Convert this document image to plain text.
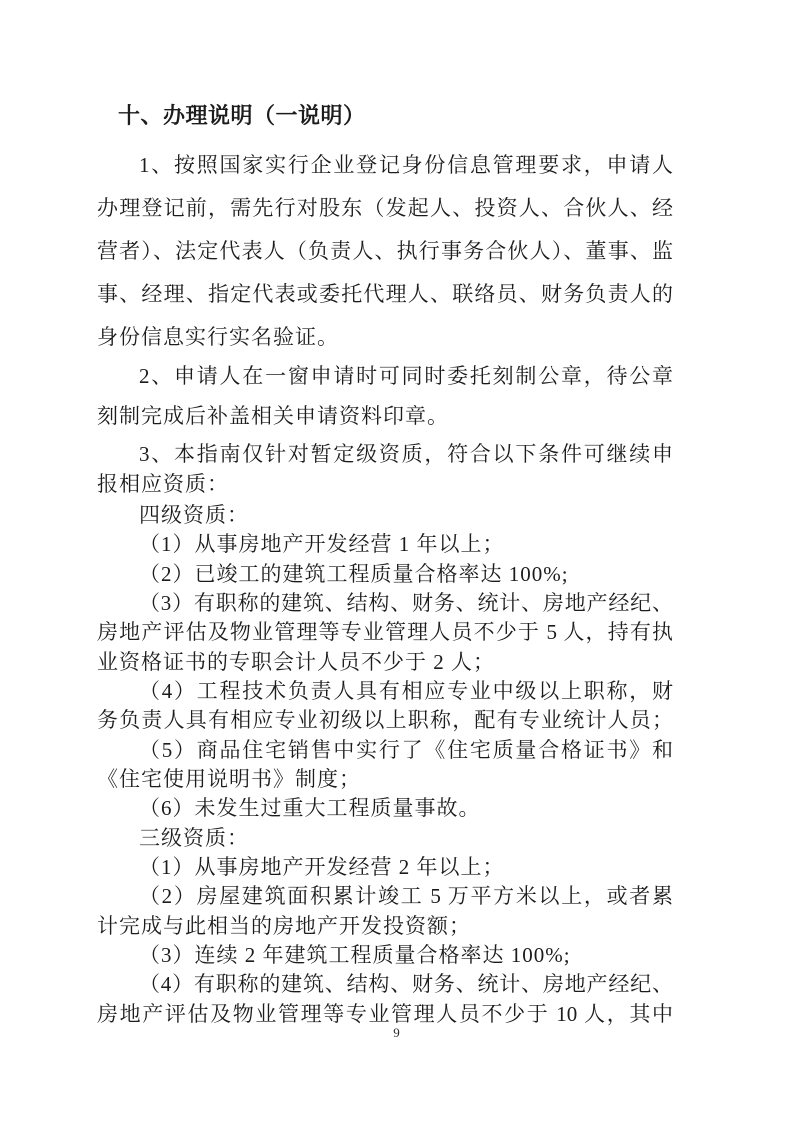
十、办理说明（一说明）
1、按照国家实行企业登记身份信息管理要求，申请人
办理登记前，需先行对股东（发起人、投资人、合伙人、经
营者）、法定代表人（负责人、执行事务合伙人）、董事、监
事、经理、指定代表或委托代理人、联络员、财务负责人的
身份信息实行实名验证。
2、申请人在一窗申请时可同时委托刻制公章，待公章
刻制完成后补盖相关申请资料印章。
3、本指南仅针对暂定级资质，符合以下条件可继续申
报相应资质：
四级资质：
（1）从事房地产开发经营 1 年以上；
（2）已竣工的建筑工程质量合格率达 100%;
（3）有职称的建筑、结构、财务、统计、房地产经纪、
房地产评估及物业管理等专业管理人员不少于 5 人，持有执
业资格证书的专职会计人员不少于 2 人；
（4）工程技术负责人具有相应专业中级以上职称，财
务负责人具有相应专业初级以上职称，配有专业统计人员；
（5）商品住宅销售中实行了《住宅质量合格证书》和
《住宅使用说明书》制度；
（6）未发生过重大工程质量事故。
三级资质：
（1）从事房地产开发经营 2 年以上；
（2）房屋建筑面积累计竣工 5 万平方米以上，或者累
计完成与此相当的房地产开发投资额；
（3）连续 2 年建筑工程质量合格率达 100%;
（4）有职称的建筑、结构、财务、统计、房地产经纪、
房地产评估及物业管理等专业管理人员不少于 10 人，其中
9
